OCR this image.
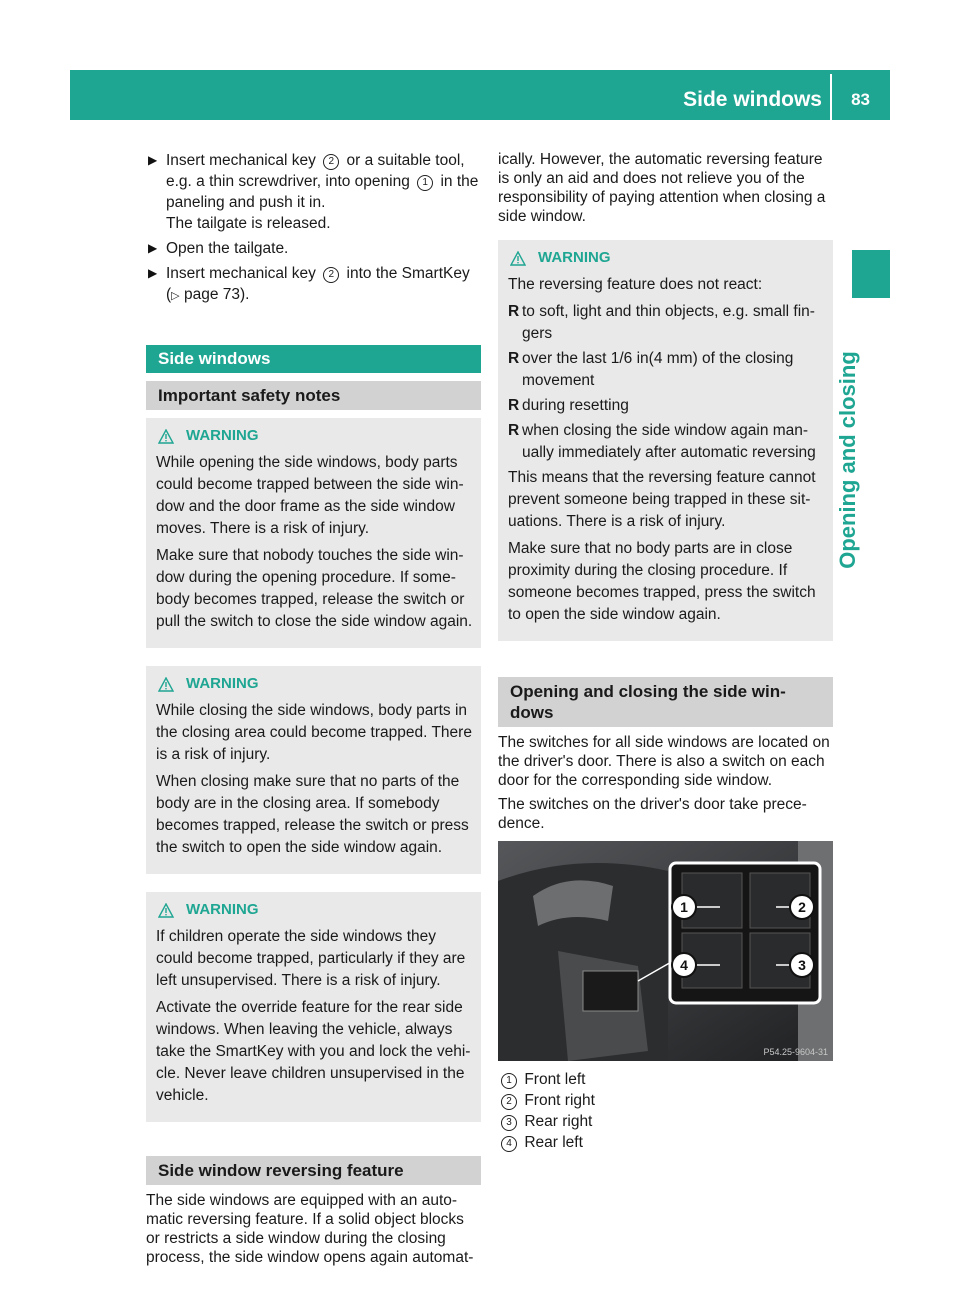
Side windows 83
Opening and closing
▶ Insert mechanical key 2 or a suitable tool, e.g. a thin screwdriver, into opening 1 in the paneling and push it in.
The tailgate is released.
▶ Open the tailgate.
▶ Insert mechanical key 2 into the SmartKey (▷ page 73).
Side windows
Important safety notes
WARNING

While opening the side windows, body parts could become trapped between the side win-dow and the door frame as the side window moves. There is a risk of injury.

Make sure that nobody touches the side win-dow during the opening procedure. If some-body becomes trapped, release the switch or pull the switch to close the side window again.

WARNING

While closing the side windows, body parts in the closing area could become trapped. There is a risk of injury.

When closing make sure that no parts of the body are in the closing area. If somebody becomes trapped, release the switch or press the switch to open the side window again.

WARNING

If children operate the side windows they could become trapped, particularly if they are left unsupervised. There is a risk of injury.

Activate the override feature for the rear side windows. When leaving the vehicle, always take the SmartKey with you and lock the vehi-cle. Never leave children unsupervised in the vehicle.

Side window reversing feature

The side windows are equipped with an auto-matic reversing feature. If a solid object blocks or restricts a side window during the closing process, the side window opens again automat-

ically. However, the automatic reversing feature is only an aid and does not relieve you of the responsibility of paying attention when closing a side window.

WARNING

The reversing feature does not react:

R to soft, light and thin objects, e.g. small fin-gers
R over the last 1/6 in(4 mm) of the closing movement
R during resetting
R when closing the side window again man-ually immediately after automatic reversing

This means that the reversing feature cannot prevent someone being trapped in these sit-uations. There is a risk of injury.

Make sure that no body parts are in close proximity during the closing procedure. If someone becomes trapped, press the switch to open the side window again.

Opening and closing the side win-dows

The switches for all side windows are located on the driver's door. There is also a switch on each door for the corresponding side window.

The switches on the driver's door take prece-dence.

1	2
3
4
P54.25-9604-31
1 Front left
2 Front right
3 Rear right
4 Rear left
